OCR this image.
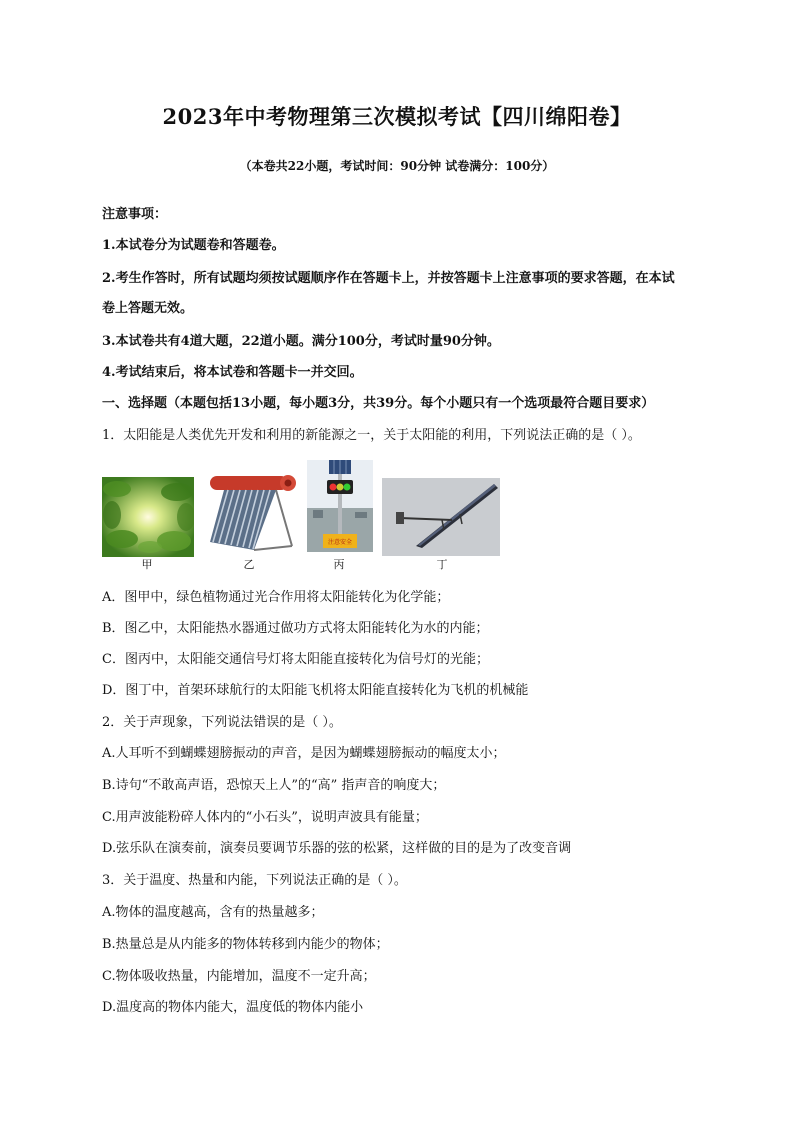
2023年中考物理第三次模拟考试【四川绵阳卷】
（本卷共22小题，考试时间：90分钟 试卷满分：100分）
注意事项：
1.本试卷分为试题卷和答题卷。
2.考生作答时，所有试题均须按试题顺序作在答题卡上，并按答题卡上注意事项的要求答题，在本试
卷上答题无效。
3.本试卷共有4道大题，22道小题。满分100分，考试时量90分钟。
4.考试结束后，将本试卷和答题卡一并交回。
一、选择题（本题包括13小题，每小题3分，共39分。每个小题只有一个选项最符合题目要求）
1．太阳能是人类优先开发和利用的新能源之一，关于太阳能的利用，下列说法正确的是（ ）。
甲	乙
注意安全
丙	丁
A．图甲中，绿色植物通过光合作用将太阳能转化为化学能；
B．图乙中，太阳能热水器通过做功方式将太阳能转化为水的内能；
C．图丙中，太阳能交通信号灯将太阳能直接转化为信号灯的光能；
D．图丁中，首架环球航行的太阳能飞机将太阳能直接转化为飞机的机械能
2．关于声现象，下列说法错误的是（ ）。
A.人耳听不到蝴蝶翅膀振动的声音，是因为蝴蝶翅膀振动的幅度太小；
B.诗句“不敢高声语，恐惊天上人”的“高” 指声音的响度大；
C.用声波能粉碎人体内的“小石头”，说明声波具有能量；
D.弦乐队在演奏前，演奏员要调节乐器的弦的松紧，这样做的目的是为了改变音调
3．关于温度、热量和内能，下列说法正确的是（ ）。
A.物体的温度越高，含有的热量越多；
B.热量总是从内能多的物体转移到内能少的物体；
C.物体吸收热量，内能增加，温度不一定升高；
D.温度高的物体内能大，温度低的物体内能小
